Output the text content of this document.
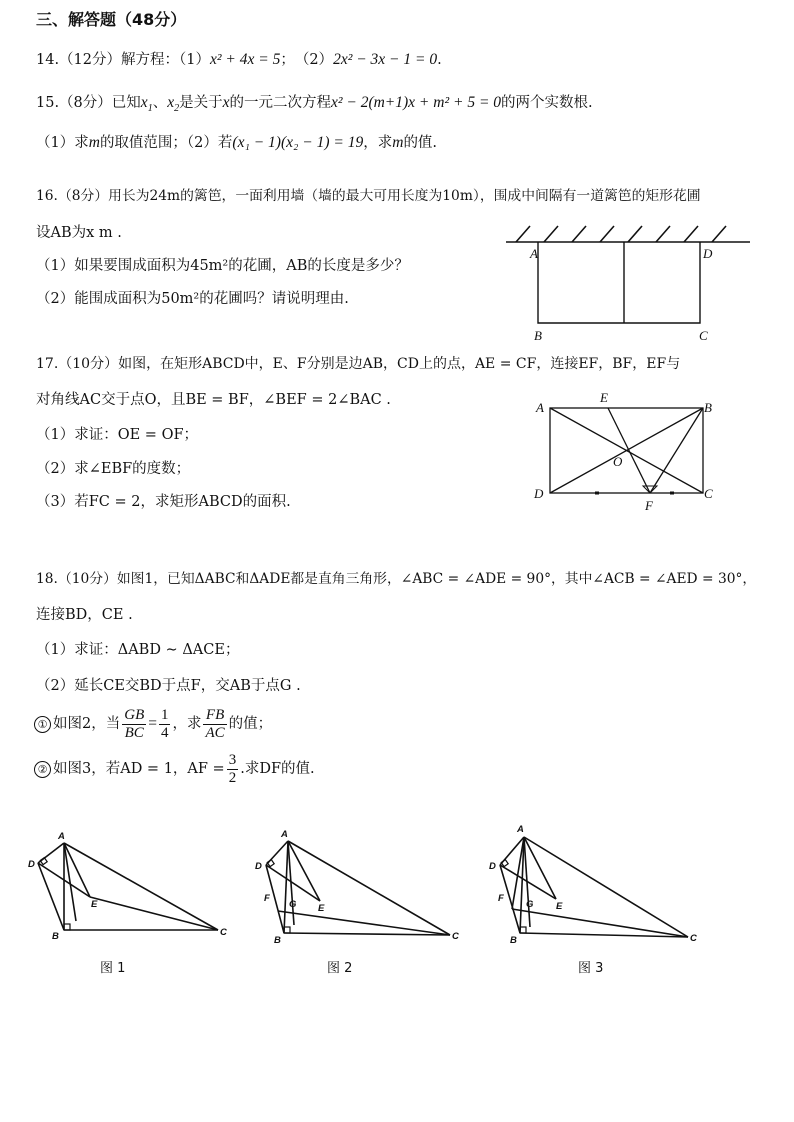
三、解答题（48分）
14.（12分）解方程：（1）x² + 4x = 5；　（2）2x² − 3x − 1 = 0.
15.（8分）已知$x_1$、$x_2$是关于x的一元二次方程x² − 2(m+1)x + m² + 5 = 0的两个实数根.
（1）求m的取值范围；（2）若(x₁ − 1)(x₂ − 1) = 19，求m的值.
16.（8分）用长为24m的篱笆，一面利用墙（墙的最大可用长度为10m），围成中间隔有一道篱笆的矩形花圃
设AB为x m .
（1）如果要围成面积为45m²的花圃，AB的长度是多少？
（2）能围成面积为50m²的花圃吗？请说明理由.
A	D
B	C
17.（10分）如图，在矩形ABCD中，E、F分别是边AB，CD上的点，AE = CF，连接EF，BF，EF与
对角线AC交于点O，且BE = BF，∠BEF = 2∠BAC .
（1）求证：OE = OF；
（2）求∠EBF的度数；
（3）若FC = 2，求矩形ABCD的面积.
A
E
B
D
F
C
O
18.（10分）如图1，已知ΔABC和ΔADE都是直角三角形，∠ABC = ∠ADE = 90°，其中∠ACB = ∠AED = 30°，
连接BD，CE .
（1）求证：ΔABD ∼ ΔACE；
（2）延长CE交BD于点F，交AB于点G .
① 如图2，当 $\frac{GB}{BC} = \frac{1}{4}$ ，求 $\frac{FB}{AC}$ 的值；
② 如图3，若AD = 1，AF = $\frac{3}{2}$ .求DF的值.
A
D
E
B	C
图 1
A
D
F
G E
B	C
图 2
A
D
F
G E
B	C
图 3
